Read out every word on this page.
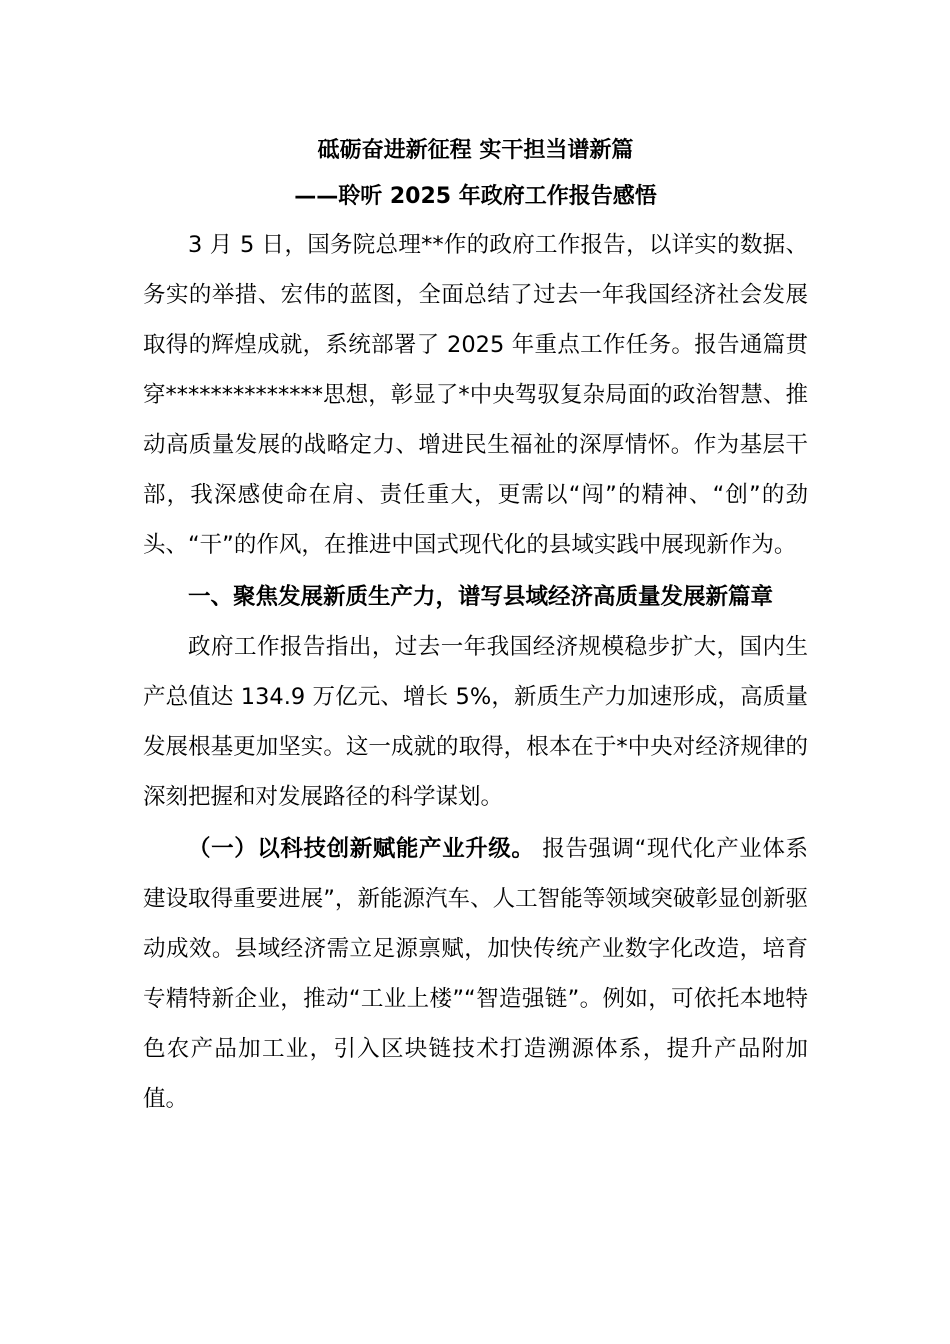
砥砺奋进新征程 实干担当谱新篇

——聆听 2025 年政府工作报告感悟

3 月 5 日，国务院总理**作的政府工作报告，以详实的数据、务实的举措、宏伟的蓝图，全面总结了过去一年我国经济社会发展取得的辉煌成就，系统部署了 2025 年重点工作任务。报告通篇贯穿**************思想，彰显了*中央驾驭复杂局面的政治智慧、推动高质量发展的战略定力、增进民生福祉的深厚情怀。作为基层干部，我深感使命在肩、责任重大，更需以“闯”的精神、“创”的劲头、“干”的作风，在推进中国式现代化的县域实践中展现新作为。

一、聚焦发展新质生产力，谱写县域经济高质量发展新篇章

政府工作报告指出，过去一年我国经济规模稳步扩大，国内生产总值达 134.9 万亿元、增长 5%，新质生产力加速形成，高质量发展根基更加坚实。这一成就的取得，根本在于*中央对经济规律的深刻把握和对发展路径的科学谋划。

（一）以科技创新赋能产业升级。 报告强调“现代化产业体系建设取得重要进展”，新能源汽车、人工智能等领域突破彰显创新驱动成效。县域经济需立足源禀赋，加快传统产业数字化改造，培育专精特新企业，推动“工业上楼”“智造强链”。例如，可依托本地特色农产品加工业，引入区块链技术打造溯源体系，提升产品附加值。
